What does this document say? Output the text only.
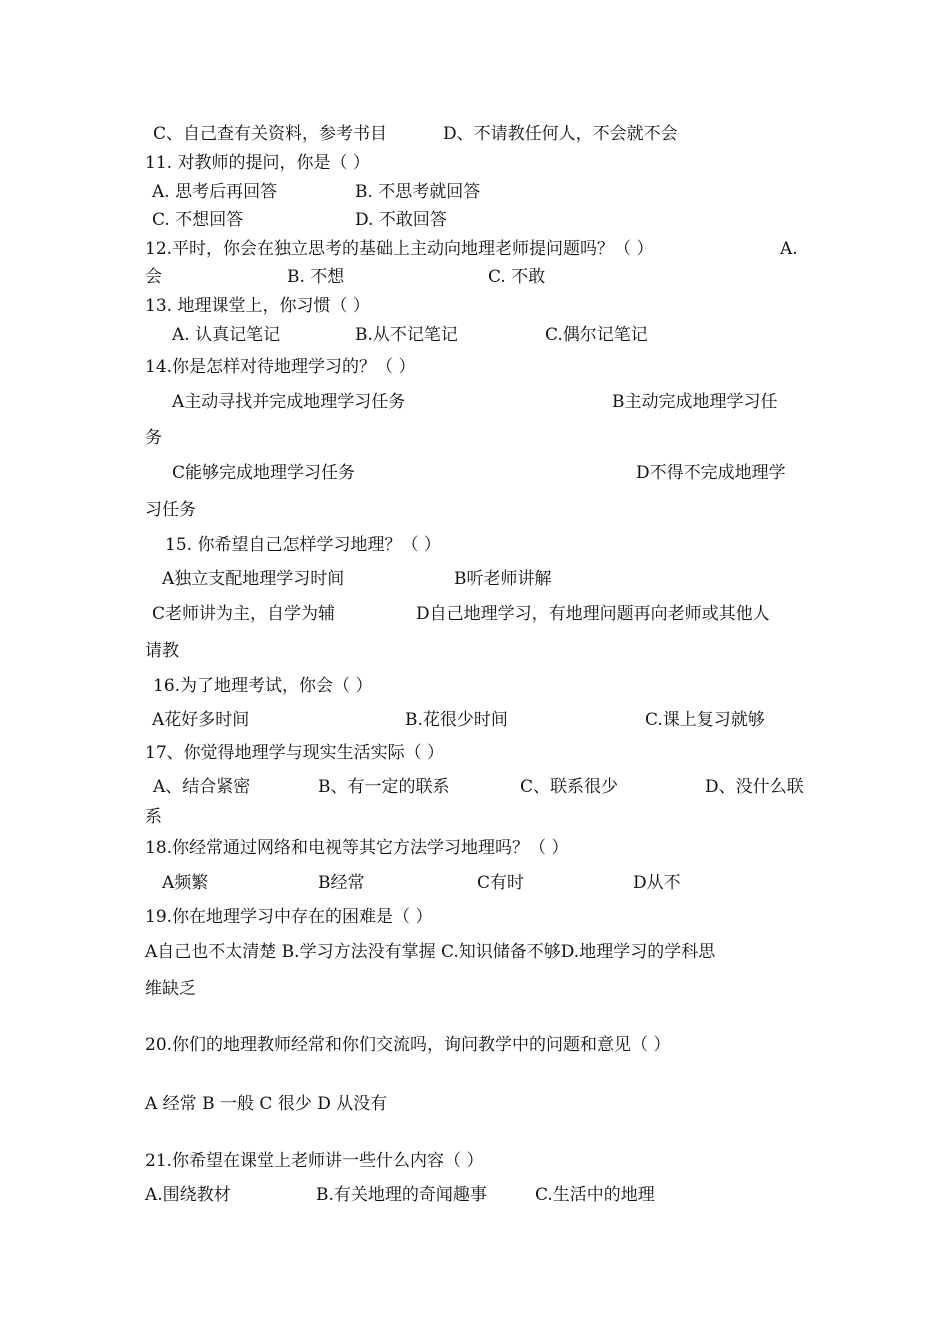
C、自己查有关资料，参考书目	D、不请教任何人，不会就不会
11. 对教师的提问，你是（ ）
A. 思考后再回答	B. 不思考就回答
C. 不想回答	D. 不敢回答
12.平时，你会在独立思考的基础上主动向地理老师提问题吗？（ ）	A.
会	B. 不想	C. 不敢
13. 地理课堂上，你习惯（ ）
A. 认真记笔记	B.从不记笔记	C.偶尔记笔记
14.你是怎样对待地理学习的？（ ）
A主动寻找并完成地理学习任务	B主动完成地理学习任
务
C能够完成地理学习任务	D不得不完成地理学
习任务
15. 你希望自己怎样学习地理？（ ）
A独立支配地理学习时间	B听老师讲解
C老师讲为主，自学为辅	D自己地理学习，有地理问题再向老师或其他人
请教
16.为了地理考试，你会（ ）
A花好多时间	B.花很少时间	C.课上复习就够
17、你觉得地理学与现实生活实际（ ）
A、结合紧密	B、有一定的联系	C、联系很少	D、没什么联
系
18.你经常通过网络和电视等其它方法学习地理吗？（ ）
A频繁	B经常	C有时	D从不
19.你在地理学习中存在的困难是（ ）
A自己也不太清楚 B.学习方法没有掌握 C.知识储备不够D.地理学习的学科思
维缺乏
20.你们的地理教师经常和你们交流吗，询问教学中的问题和意见（ ）
A 经常 B 一般 C 很少 D 从没有
21.你希望在课堂上老师讲一些什么内容（ ）
A.围绕教材	B.有关地理的奇闻趣事	C.生活中的地理
